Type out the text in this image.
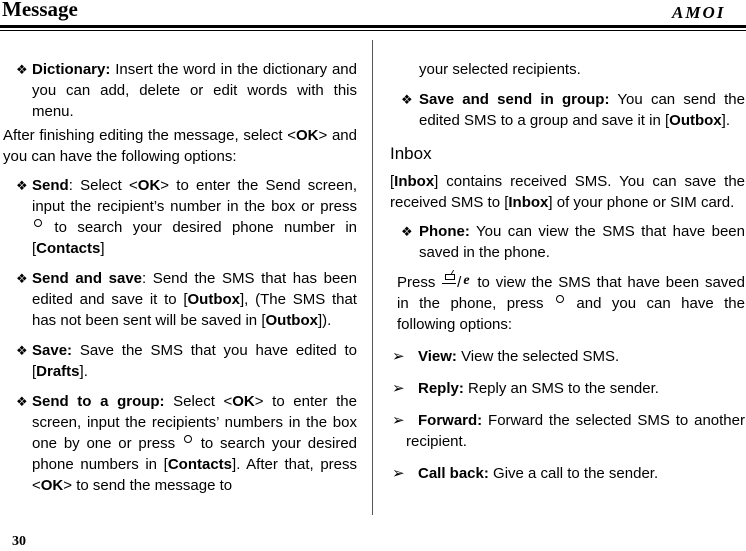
Message	AMOI

❖ Dictionary: Insert the word in the dictionary and you can add, delete or edit words with this menu.

After finishing editing the message, select <OK> and you can have the following options:

❖ Send: Select <OK> to enter the Send screen, input the recipient’s number in the box or press  to search your desired phone number in [Contacts]

❖ Send and save: Send the SMS that has been edited and save it to [Outbox], (The SMS that has not been sent will be saved in [Outbox]).

❖ Save: Save the SMS that you have edited to [Drafts].

❖ Send to a group: Select <OK> to enter the screen, input the recipients’ numbers in the box one by one or press  to search your desired phone numbers in [Contacts]. After that, press <OK> to send the message to

your selected recipients.

❖ Save and send in group: You can send the edited SMS to a group and save it in [Outbox].

Inbox

[Inbox] contains received SMS. You can save the received SMS to [Inbox] of your phone or SIM card.

❖ Phone: You can view the SMS that have been saved in the phone.

Press / e to view the SMS that have been saved in the phone, press  and you can have the following options:

➢ View: View the selected SMS.

➢ Reply: Reply an SMS to the sender.

➢ Forward: Forward the selected SMS to another recipient.

➢ Call back: Give a call to the sender.

30
